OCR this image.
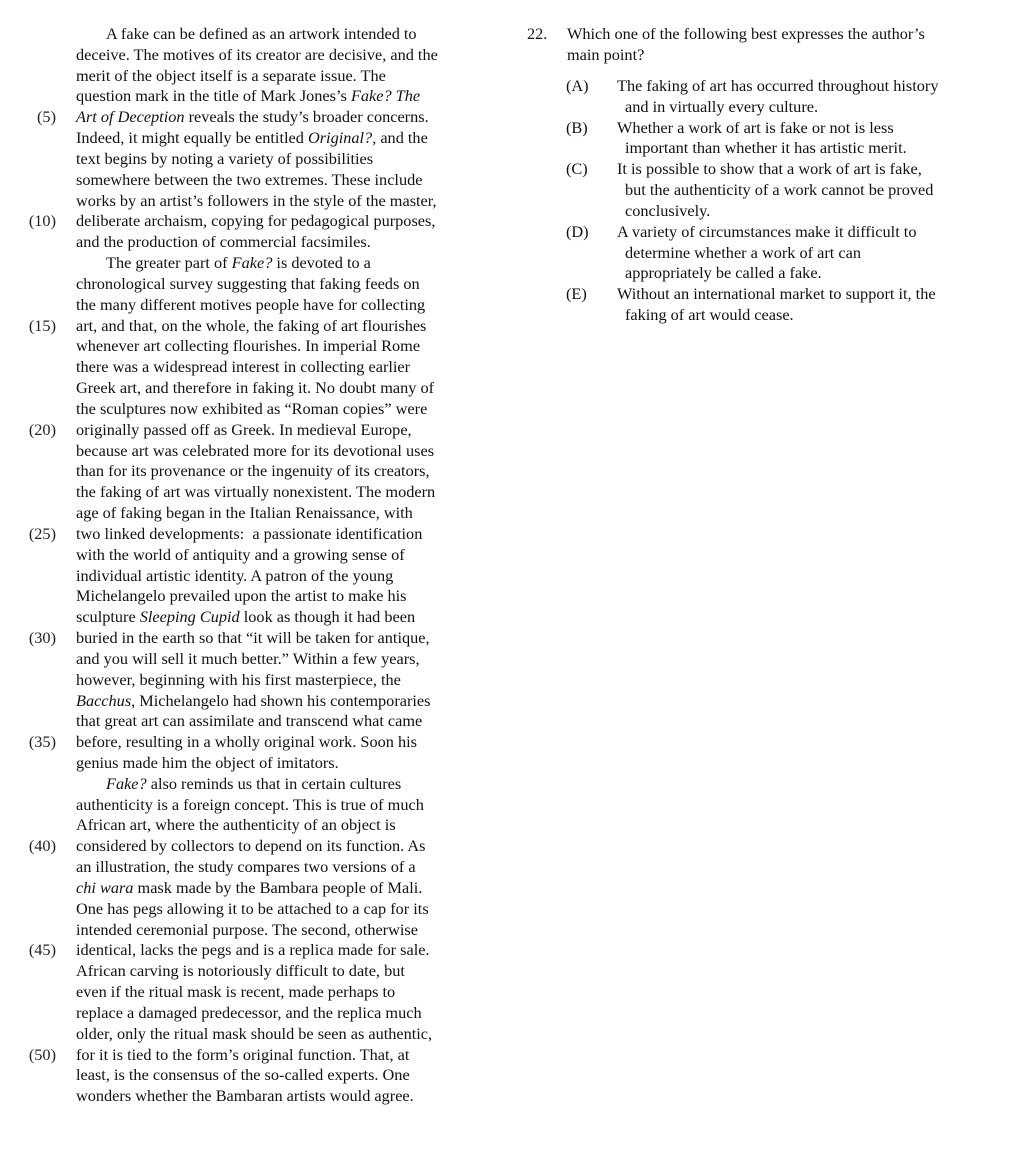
A fake can be defined as an artwork intended to
deceive. The motives of its creator are decisive, and the
merit of the object itself is a separate issue. The
question mark in the title of Mark Jones’s Fake? The
(5) Art of Deception reveals the study’s broader concerns.
Indeed, it might equally be entitled Original?, and the
text begins by noting a variety of possibilities
somewhere between the two extremes. These include
works by an artist’s followers in the style of the master,
(10) deliberate archaism, copying for pedagogical purposes,
and the production of commercial facsimiles.
The greater part of Fake? is devoted to a
chronological survey suggesting that faking feeds on
the many different motives people have for collecting
(15) art, and that, on the whole, the faking of art flourishes
whenever art collecting flourishes. In imperial Rome
there was a widespread interest in collecting earlier
Greek art, and therefore in faking it. No doubt many of
the sculptures now exhibited as “Roman copies” were
(20) originally passed off as Greek. In medieval Europe,
because art was celebrated more for its devotional uses
than for its provenance or the ingenuity of its creators,
the faking of art was virtually nonexistent. The modern
age of faking began in the Italian Renaissance, with
(25) two linked developments:  a passionate identification
with the world of antiquity and a growing sense of
individual artistic identity. A patron of the young
Michelangelo prevailed upon the artist to make his
sculpture Sleeping Cupid look as though it had been
(30) buried in the earth so that “it will be taken for antique,
and you will sell it much better.” Within a few years,
however, beginning with his first masterpiece, the
Bacchus, Michelangelo had shown his contemporaries
that great art can assimilate and transcend what came
(35) before, resulting in a wholly original work. Soon his
genius made him the object of imitators.
Fake? also reminds us that in certain cultures
authenticity is a foreign concept. This is true of much
African art, where the authenticity of an object is
(40) considered by collectors to depend on its function. As
an illustration, the study compares two versions of a
chi wara mask made by the Bambara people of Mali.
One has pegs allowing it to be attached to a cap for its
intended ceremonial purpose. The second, otherwise
(45) identical, lacks the pegs and is a replica made for sale.
African carving is notoriously difficult to date, but
even if the ritual mask is recent, made perhaps to
replace a damaged predecessor, and the replica much
older, only the ritual mask should be seen as authentic,
(50) for it is tied to the form’s original function. That, at
least, is the consensus of the so-called experts. One
wonders whether the Bambaran artists would agree.
22. Which one of the following best expresses the author’s
main point?
(A) The faking of art has occurred throughout history
and in virtually every culture.
(B) Whether a work of art is fake or not is less
important than whether it has artistic merit.
(C) It is possible to show that a work of art is fake,
but the authenticity of a work cannot be proved
conclusively.
(D) A variety of circumstances make it difficult to
determine whether a work of art can
appropriately be called a fake.
(E) Without an international market to support it, the
faking of art would cease.
